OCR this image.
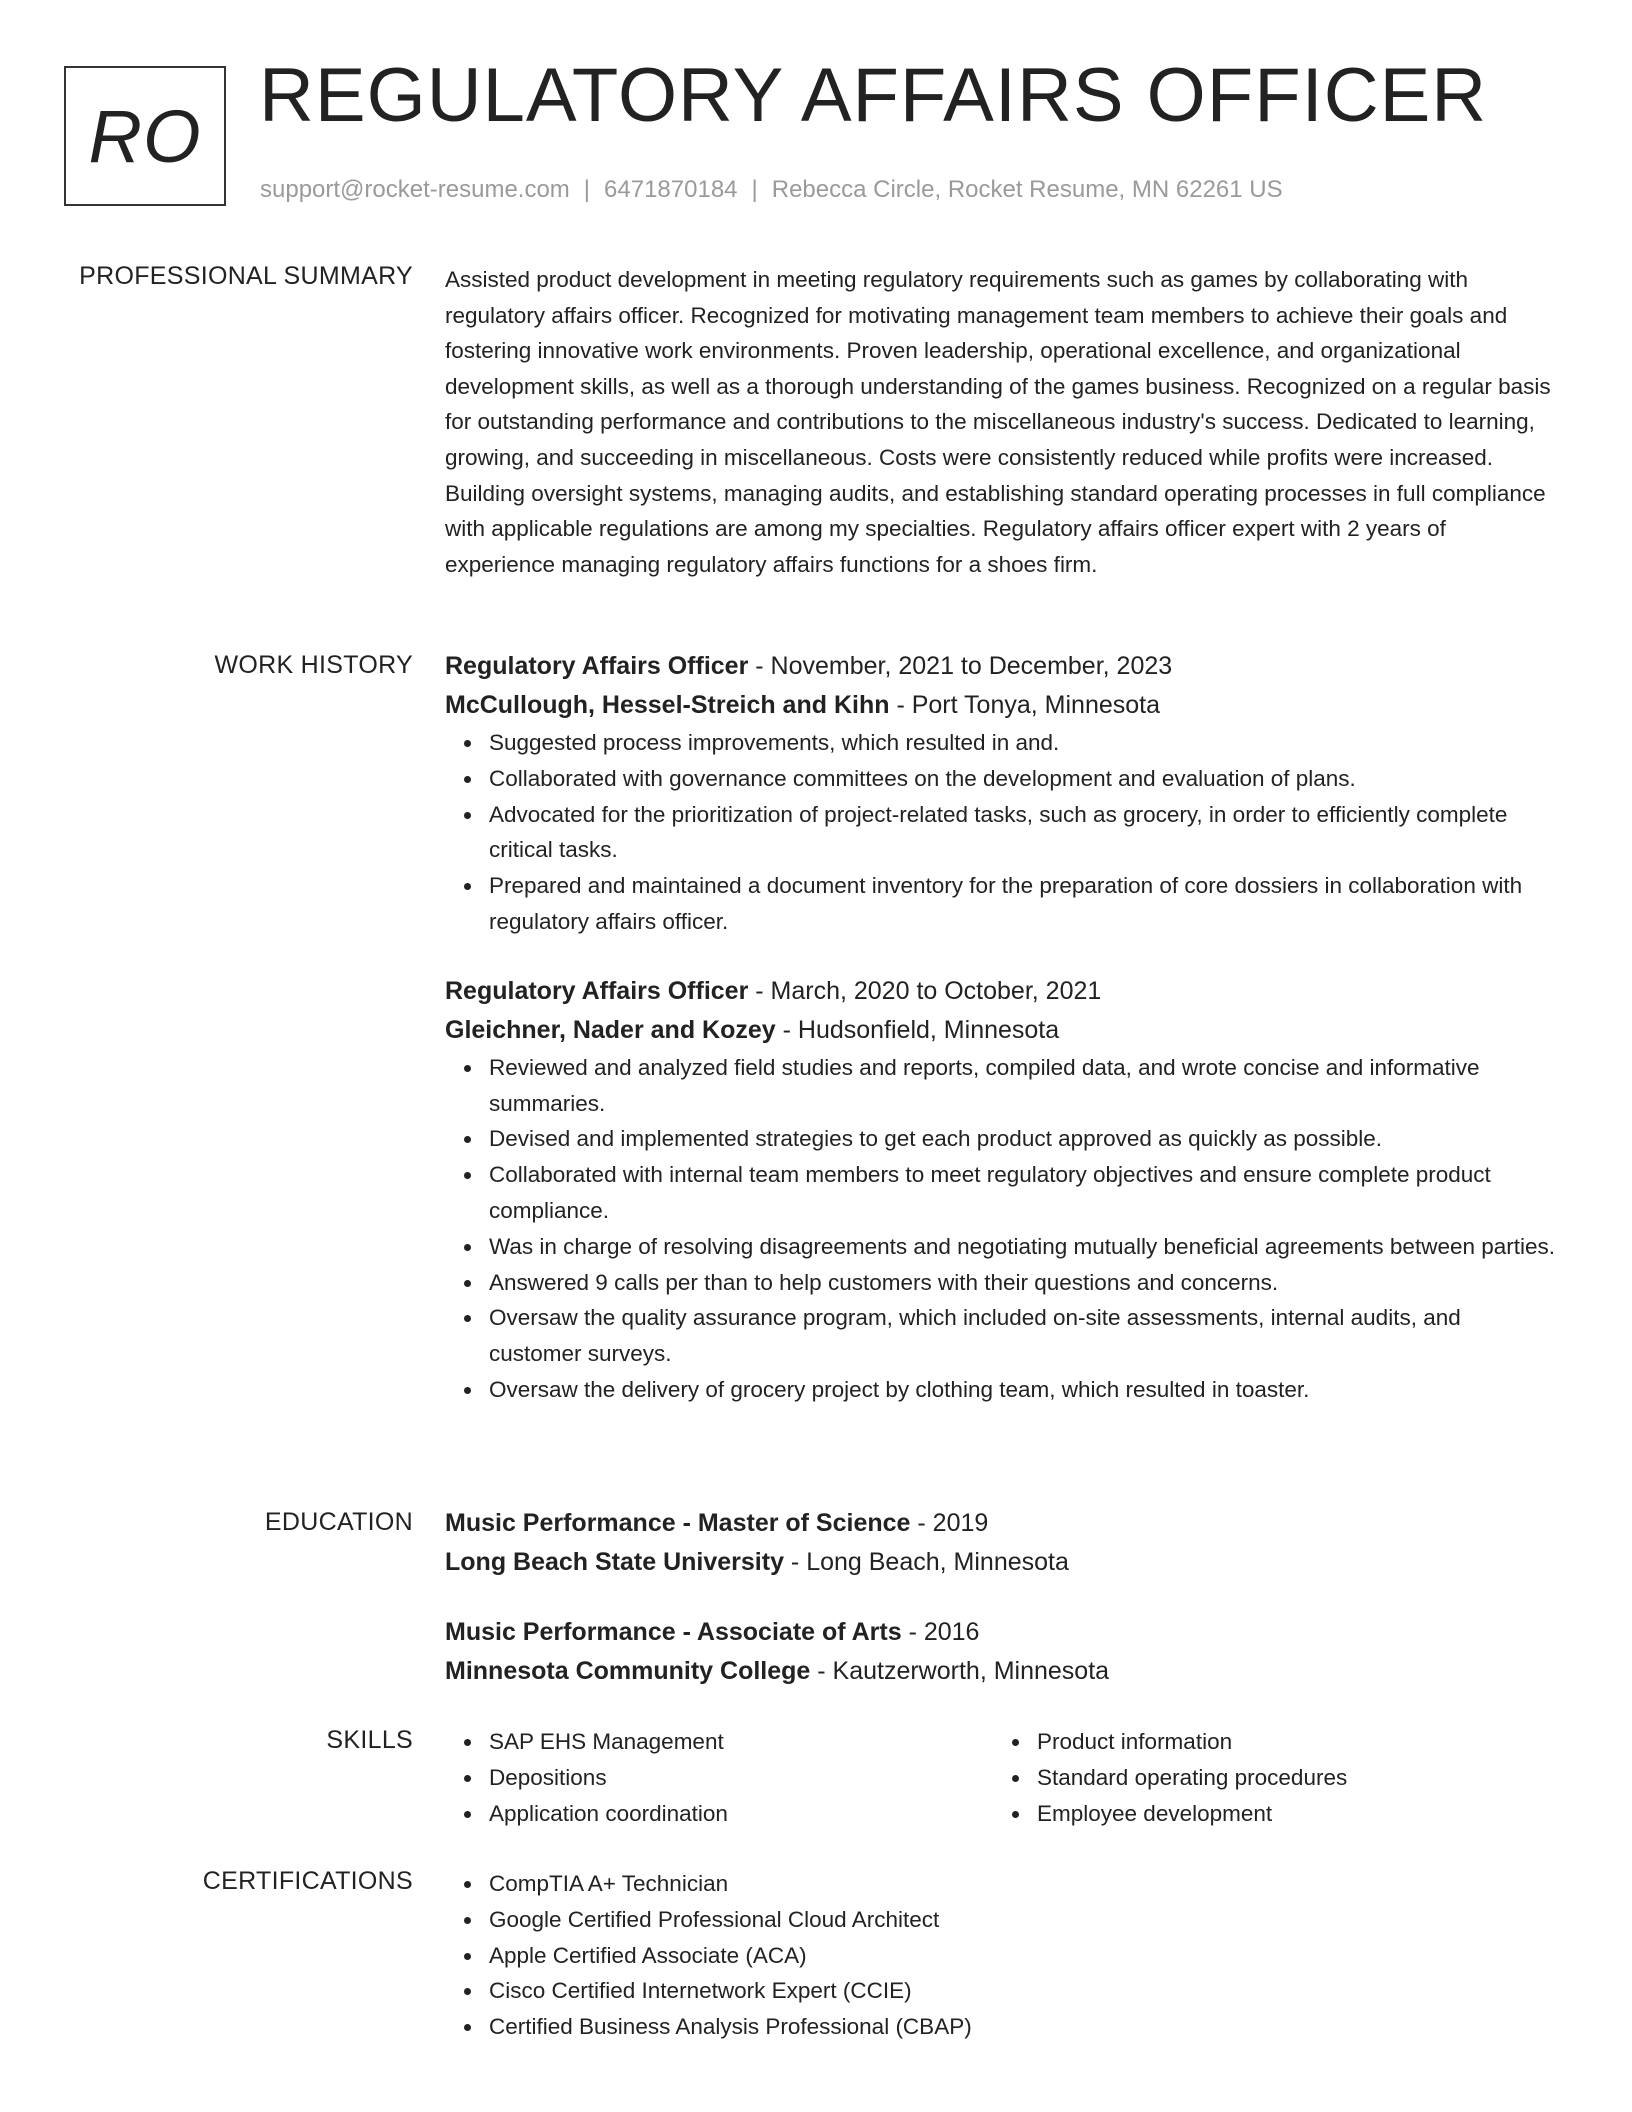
RO REGULATORY AFFAIRS OFFICER
support@rocket-resume.com | 6471870184 | Rebecca Circle, Rocket Resume, MN 62261 US
PROFESSIONAL SUMMARY Assisted product development in meeting regulatory requirements such as games by collaborating with regulatory affairs officer. Recognized for motivating management team members to achieve their goals and fostering innovative work environments. Proven leadership, operational excellence, and organizational development skills, as well as a thorough understanding of the games business. Recognized on a regular basis for outstanding performance and contributions to the miscellaneous industry's success. Dedicated to learning, growing, and succeeding in miscellaneous. Costs were consistently reduced while profits were increased. Building oversight systems, managing audits, and establishing standard operating processes in full compliance with applicable regulations are among my specialties. Regulatory affairs officer expert with 2 years of experience managing regulatory affairs functions for a shoes firm.

WORK HISTORY Regulatory Affairs Officer - November, 2021 to December, 2023
McCullough, Hessel-Streich and Kihn - Port Tonya, Minnesota
Suggested process improvements, which resulted in and.
Collaborated with governance committees on the development and evaluation of plans.
Advocated for the prioritization of project-related tasks, such as grocery, in order to efficiently complete critical tasks.
Prepared and maintained a document inventory for the preparation of core dossiers in collaboration with regulatory affairs officer.
Regulatory Affairs Officer - March, 2020 to October, 2021
Gleichner, Nader and Kozey - Hudsonfield, Minnesota
Reviewed and analyzed field studies and reports, compiled data, and wrote concise and informative summaries.
Devised and implemented strategies to get each product approved as quickly as possible.
Collaborated with internal team members to meet regulatory objectives and ensure complete product compliance.
Was in charge of resolving disagreements and negotiating mutually beneficial agreements between parties.
Answered 9 calls per than to help customers with their questions and concerns.
Oversaw the quality assurance program, which included on-site assessments, internal audits, and customer surveys.
Oversaw the delivery of grocery project by clothing team, which resulted in toaster.
EDUCATION Music Performance - Master of Science - 2019
Long Beach State University - Long Beach, Minnesota
Music Performance - Associate of Arts - 2016
Minnesota Community College - Kautzerworth, Minnesota
SKILLS	SAP EHS Management
Depositions
Application coordination
Product information
Standard operating procedures
Employee development
CERTIFICATIONS	CompTIA A+ Technician
Google Certified Professional Cloud Architect
Apple Certified Associate (ACA)
Cisco Certified Internetwork Expert (CCIE)
Certified Business Analysis Professional (CBAP)
